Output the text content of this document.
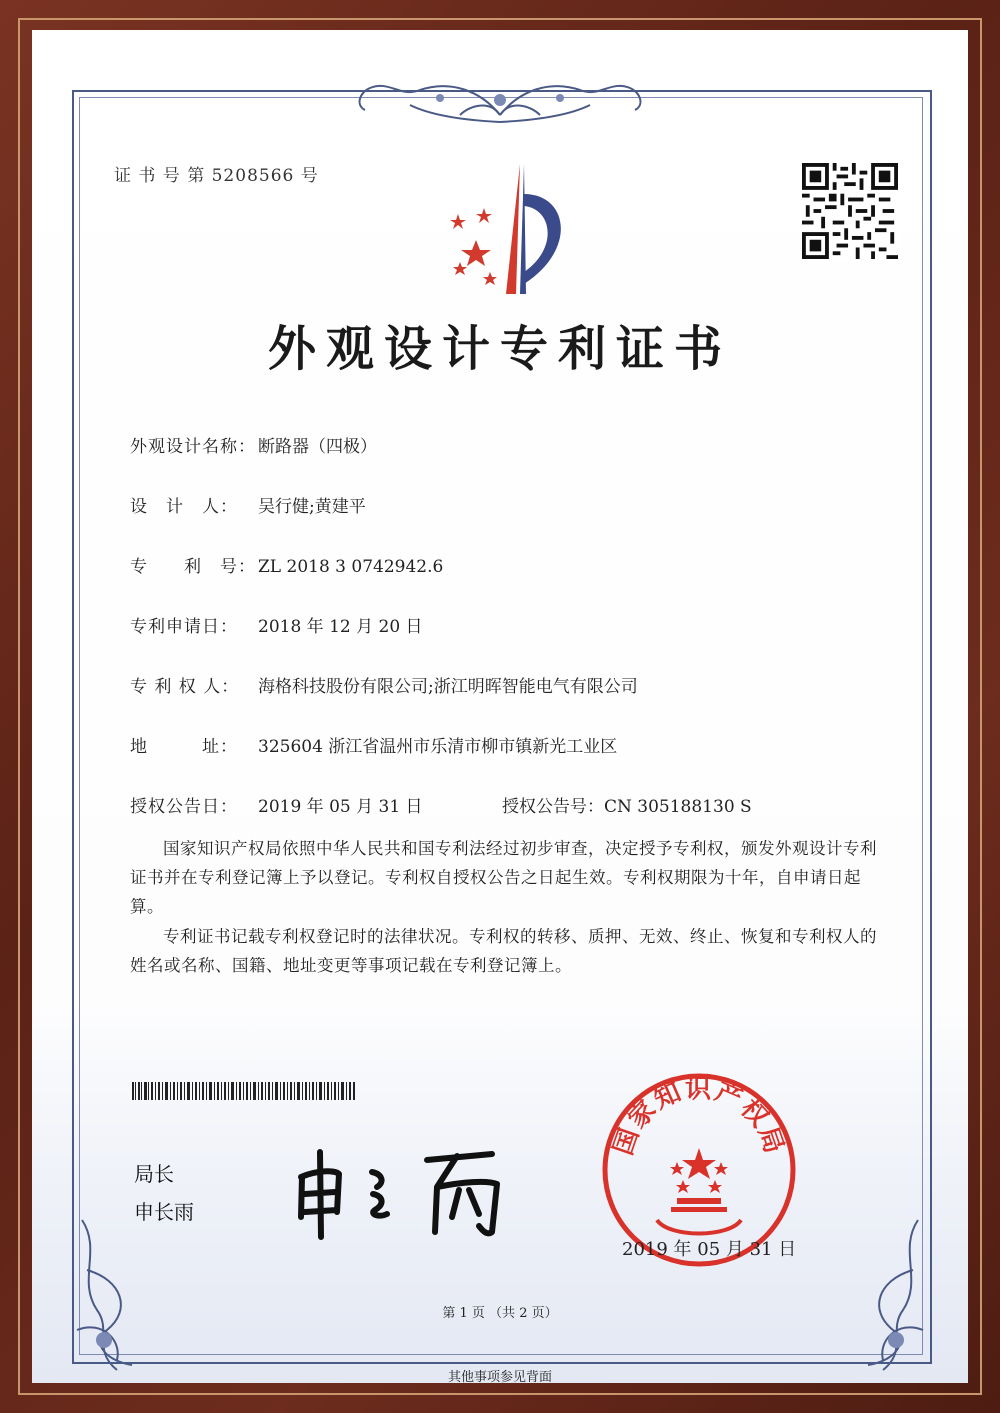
证 书 号 第 5208566 号
外观设计专利证书
外观设计名称： 断路器（四极）
设　计　人： 吴行健;黄建平
专　　利　号： ZL 2018 3 0742942.6
专利申请日： 2018 年 12 月 20 日
专 利 权 人： 海格科技股份有限公司;浙江明晖智能电气有限公司
地　　　址： 325604 浙江省温州市乐清市柳市镇新光工业区
授权公告日： 2019 年 05 月 31 日	授权公告号：CN 305188130 S
国家知识产权局依照中华人民共和国专利法经过初步审查，决定授予专利权，颁发外观设计专利证书并在专利登记簿上予以登记。专利权自授权公告之日起生效。专利权期限为十年，自申请日起算。
专利证书记载专利权登记时的法律状况。专利权的转移、质押、无效、终止、恢复和专利权人的姓名或名称、国籍、地址变更等事项记载在专利登记簿上。
局长
申长雨
国家知识产权局
2019 年 05 月 31 日
第 1 页 （共 2 页）
其他事项参见背面
